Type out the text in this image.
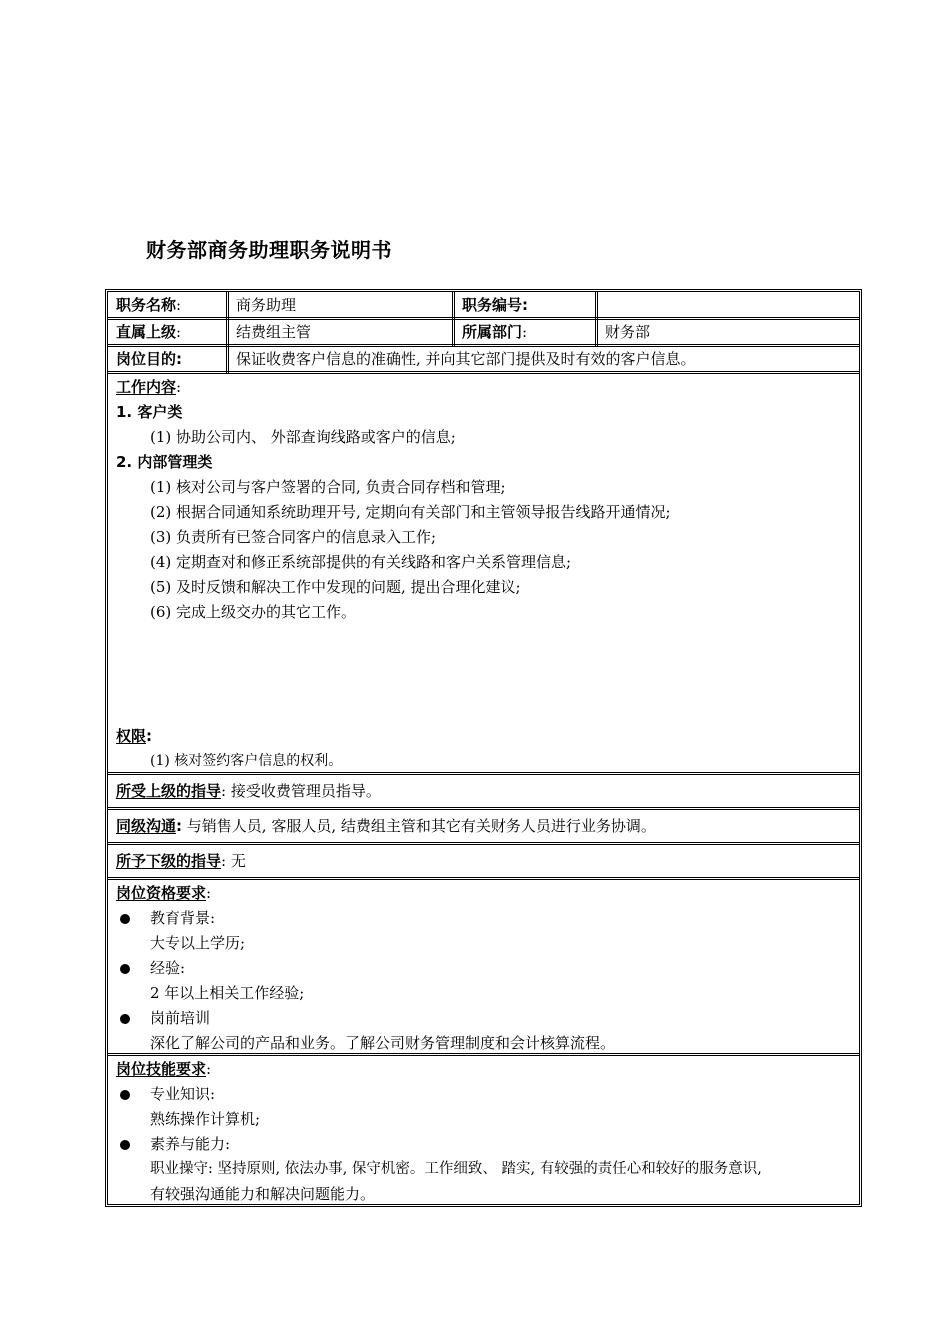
财务部商务助理职务说明书
职务名称:	商务助理	职务编号:
直属上级:	结费组主管	所属部门:	财务部
岗位目的:	保证收费客户信息的准确性, 并向其它部门提供及时有效的客户信息。
工作内容:
1. 客户类
(1) 协助公司内、 外部查询线路或客户的信息;
2. 内部管理类
(1) 核对公司与客户签署的合同, 负责合同存档和管理;
(2) 根据合同通知系统助理开号, 定期向有关部门和主管领导报告线路开通情况;
(3) 负责所有已签合同客户的信息录入工作;
(4) 定期查对和修正系统部提供的有关线路和客户关系管理信息;
(5) 及时反馈和解决工作中发现的问题, 提出合理化建议;
(6) 完成上级交办的其它工作。
权限:
(1) 核对签约客户信息的权利。
所受上级的指导: 接受收费管理员指导。
同级沟通: 与销售人员, 客服人员, 结费组主管和其它有关财务人员进行业务协调。
所予下级的指导: 无
岗位资格要求:
教育背景:
大专以上学历;
经验:
2 年以上相关工作经验;
岗前培训
深化了解公司的产品和业务。了解公司财务管理制度和会计核算流程。
岗位技能要求:
专业知识:
熟练操作计算机;
素养与能力:
职业操守: 坚持原则, 依法办事, 保守机密。工作细致、 踏实, 有较强的责任心和较好的服务意识,
有较强沟通能力和解决问题能力。
